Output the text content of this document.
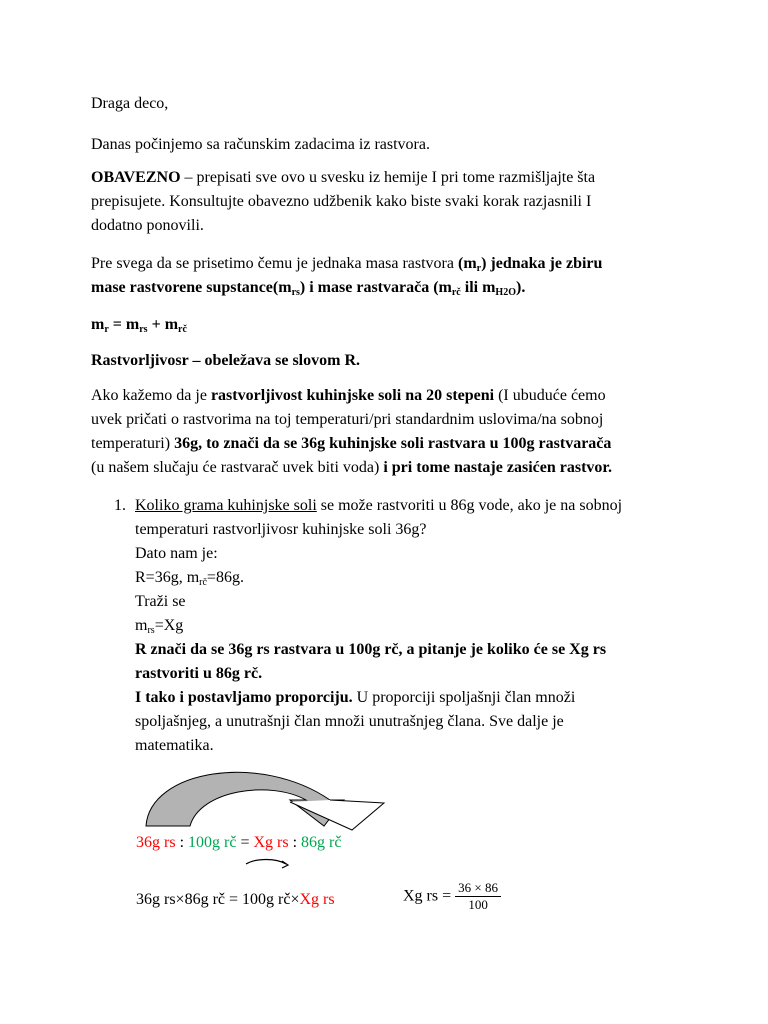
Draga deco,

Danas počinjemo sa računskim zadacima iz rastvora.

OBAVEZNO – prepisati sve ovo u svesku iz hemije I pri tome razmišljajte šta
prepisujete. Konsultujte obavezno udžbenik kako biste svaki korak razjasnili I
dodatno ponovili.
Pre svega da se prisetimo čemu je jednaka masa rastvora $(m_r)$ jednaka je zbiru
mase rastvorene $supstance(m_{rs})$ i mase rastvarača ($m_{rč}$ ili $m_{H2O}$).
$m_r = m_{rs} + m_{rč}$

Rastvorljivosr – obeležava se slovom R.

Ako kažemo da je rastvorljivost kuhinjske soli na 20 stepeni (I ubuduće ćemo
uvek pričati o rastvorima na toj temperaturi/pri standardnim uslovima/na sobnoj
temperaturi) 36g, to znači da se 36g kuhinjske soli rastvara u 100g rastvarača
(u našem slučaju će rastvarač uvek biti voda) i pri tome nastaje zasićen rastvor.
1. Koliko grama kuhinjske soli se može rastvoriti u 86g vode, ako je na sobnoj
temperaturi rastvorljivosr kuhinjske soli 36g?
Dato nam je:
R=36g, $m_{rč}=86g$.
Traži se
$m_{rs}=Xg$
R znači da se 36g rs rastvara u 100g rč, a pitanje je koliko će se Xg rs
rastvoriti u 86g rč.
I tako i postavljamo proporciju. U proporciji spoljašnji član množi
spoljašnjeg, a unutrašnji član množi unutrašnjeg člana. Sve dalje je
matematika.
36g rs : 100g rč = Xg rs : 86g rč
36g rs×86g rč = 100g rč×Xg rs	Xg rs = $\frac{36 \times 86}{100}$
